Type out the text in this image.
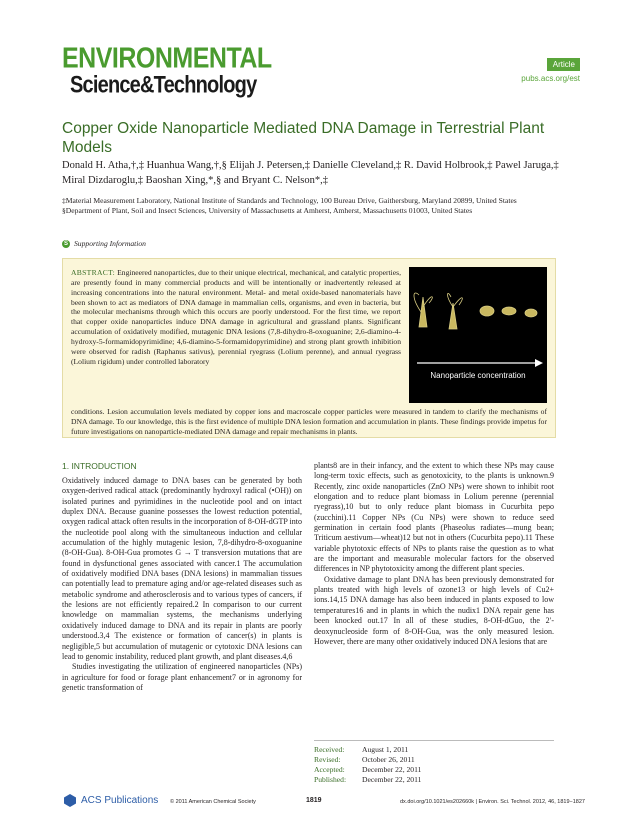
ENVIRONMENTAL
Science&Technology
Article
pubs.acs.org/est
Copper Oxide Nanoparticle Mediated DNA Damage in Terrestrial Plant Models
Donald H. Atha,†,‡ Huanhua Wang,†,§ Elijah J. Petersen,‡ Danielle Cleveland,‡ R. David Holbrook,‡ Pawel Jaruga,‡ Miral Dizdaroglu,‡ Baoshan Xing,*,§ and Bryant C. Nelson*,‡
‡Material Measurement Laboratory, National Institute of Standards and Technology, 100 Bureau Drive, Gaithersburg, Maryland 20899, United States
§Department of Plant, Soil and Insect Sciences, University of Massachusetts at Amherst, Amherst, Massachusetts 01003, United States
S Supporting Information
ABSTRACT: Engineered nanoparticles, due to their unique electrical, mechanical, and catalytic properties, are presently found in many commercial products and will be intentionally or inadvertently released at increasing concentrations into the natural environment. Metal- and metal oxide-based nanomaterials have been shown to act as mediators of DNA damage in mammalian cells, organisms, and even in bacteria, but the molecular mechanisms through which this occurs are poorly understood. For the first time, we report that copper oxide nanoparticles induce DNA damage in agricultural and grassland plants. Significant accumulation of oxidatively modified, mutagenic DNA lesions (7,8-dihydro-8-oxoguanine; 2,6-diamino-4-hydroxy-5-formamidopyrimidine; 4,6-diamino-5-formamidopyrimidine) and strong plant growth inhibition were observed for radish (Raphanus sativus), perennial ryegrass (Lolium perenne), and annual ryegrass (Lolium rigidum) under controlled laboratory
Nanoparticle concentration
conditions. Lesion accumulation levels mediated by copper ions and macroscale copper particles were measured in tandem to clarify the mechanisms of DNA damage. To our knowledge, this is the first evidence of multiple DNA lesion formation and accumulation in plants. These findings provide impetus for future investigations on nanoparticle-mediated DNA damage and repair mechanisms in plants.
1. INTRODUCTION

Oxidatively induced damage to DNA bases can be generated by both oxygen-derived radical attack (predominantly hydroxyl radical (•OH)) on isolated purines and pyrimidines in the nucleotide pool and on intact duplex DNA. Because guanine possesses the lowest reduction potential, oxygen radical attack often results in the incorporation of 8-OH-dGTP into the nucleotide pool along with the simultaneous induction and cellular accumulation of the highly mutagenic lesion, 7,8-dihydro-8-oxoguanine (8-OH-Gua). 8-OH-Gua promotes G → T transversion mutations that are found in dysfunctional genes associated with cancer.1 The accumulation of oxidatively modified DNA bases (DNA lesions) in mammalian tissues can potentially lead to premature aging and/or age-related diseases such as metabolic syndrome and atherosclerosis and to various types of cancers, if the lesions are not efficiently repaired.2 In comparison to our current knowledge on mammalian systems, the mechanisms underlying oxidatively induced damage to DNA and its repair in plants are poorly understood.3,4 The existence or formation of cancer(s) in plants is negligible,5 but accumulation of mutagenic or cytotoxic DNA lesions can lead to genomic instability, reduced plant growth, and plant diseases.4,6

Studies investigating the utilization of engineered nanoparticles (NPs) in agriculture for food or forage plant enhancement7 or in agronomy for genetic transformation of

plants8 are in their infancy, and the extent to which these NPs may cause long-term toxic effects, such as genotoxicity, to the plants is unknown.9 Recently, zinc oxide nanoparticles (ZnO NPs) were shown to inhibit root elongation and to reduce plant biomass in Lolium perenne (perennial ryegrass),10 but to only reduce plant biomass in Cucurbita pepo (zucchini).11 Copper NPs (Cu NPs) were shown to reduce seed germination in certain food plants (Phaseolus radiates—mung bean; Triticum aestivum—wheat)12 but not in others (Cucurbita pepo).11 These variable phytotoxic effects of NPs to plants raise the question as to what are the important and measurable molecular factors for the observed differences in NP phytotoxicity among the different plant species.

Oxidative damage to plant DNA has been previously demonstrated for plants treated with high levels of ozone13 or high levels of Cu2+ ions.14,15 DNA damage has also been induced in plants exposed to low temperatures16 and in plants in which the nudix1 DNA repair gene has been knocked out.17 In all of these studies, 8-OH-dGuo, the 2′-deoxynucleoside form of 8-OH-Gua, was the only measured lesion. However, there are many other oxidatively induced DNA lesions that are

Received: August 1, 2011
Revised:	October 26, 2011
Accepted: December 22, 2011
Published: December 22, 2011
ACS Publications © 2011 American Chemical Society	1819	dx.doi.org/10.1021/es202660k | Environ. Sci. Technol. 2012, 46, 1819−1827
